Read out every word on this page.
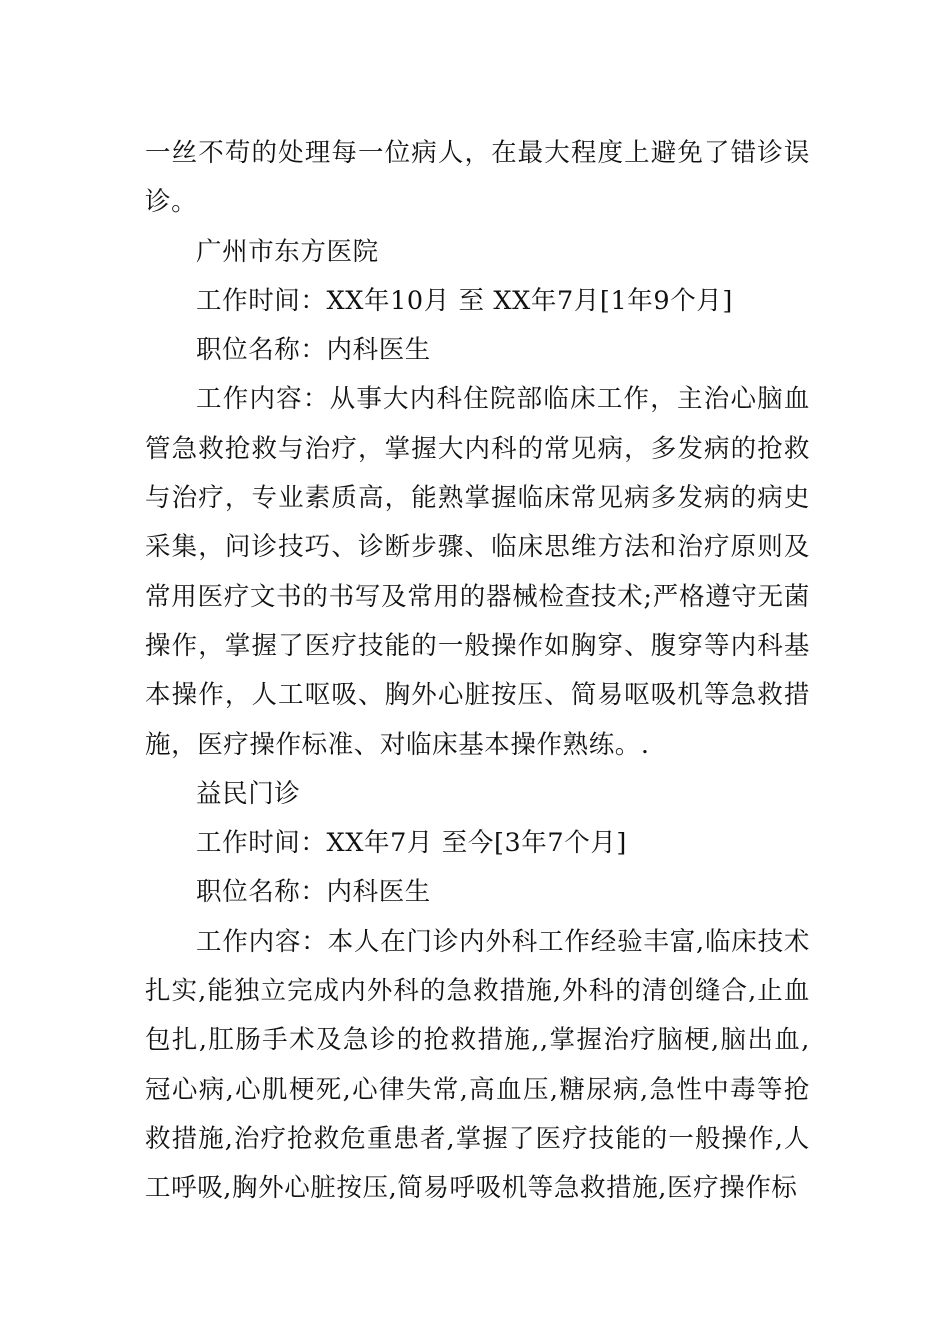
一丝不苟的处理每一位病人，在最大程度上避免了错诊误诊。

广州市东方医院

工作时间：XX年10月 至 XX年7月[1年9个月]

职位名称：内科医生

工作内容：从事大内科住院部临床工作，主治心脑血管急救抢救与治疗，掌握大内科的常见病，多发病的抢救与治疗，专业素质高，能熟掌握临床常见病多发病的病史采集，问诊技巧、诊断步骤、临床思维方法和治疗原则及常用医疗文书的书写及常用的器械检查技术;严格遵守无菌操作，掌握了医疗技能的一般操作如胸穿、腹穿等内科基本操作，人工呕吸、胸外心脏按压、简易呕吸机等急救措施，医疗操作标准、对临床基本操作熟练。.

益民门诊

工作时间：XX年7月 至今[3年7个月]

职位名称：内科医生

工作内容：本人在门诊内外科工作经验丰富,临床技术扎实,能独立完成内外科的急救措施,外科的清创缝合,止血包扎,肛肠手术及急诊的抢救措施,,掌握治疗脑梗,脑出血,冠心病,心肌梗死,心律失常,高血压,糖尿病,急性中毒等抢救措施,治疗抢救危重患者,掌握了医疗技能的一般操作,人工呼吸,胸外心脏按压,简易呼吸机等急救措施,医疗操作标
